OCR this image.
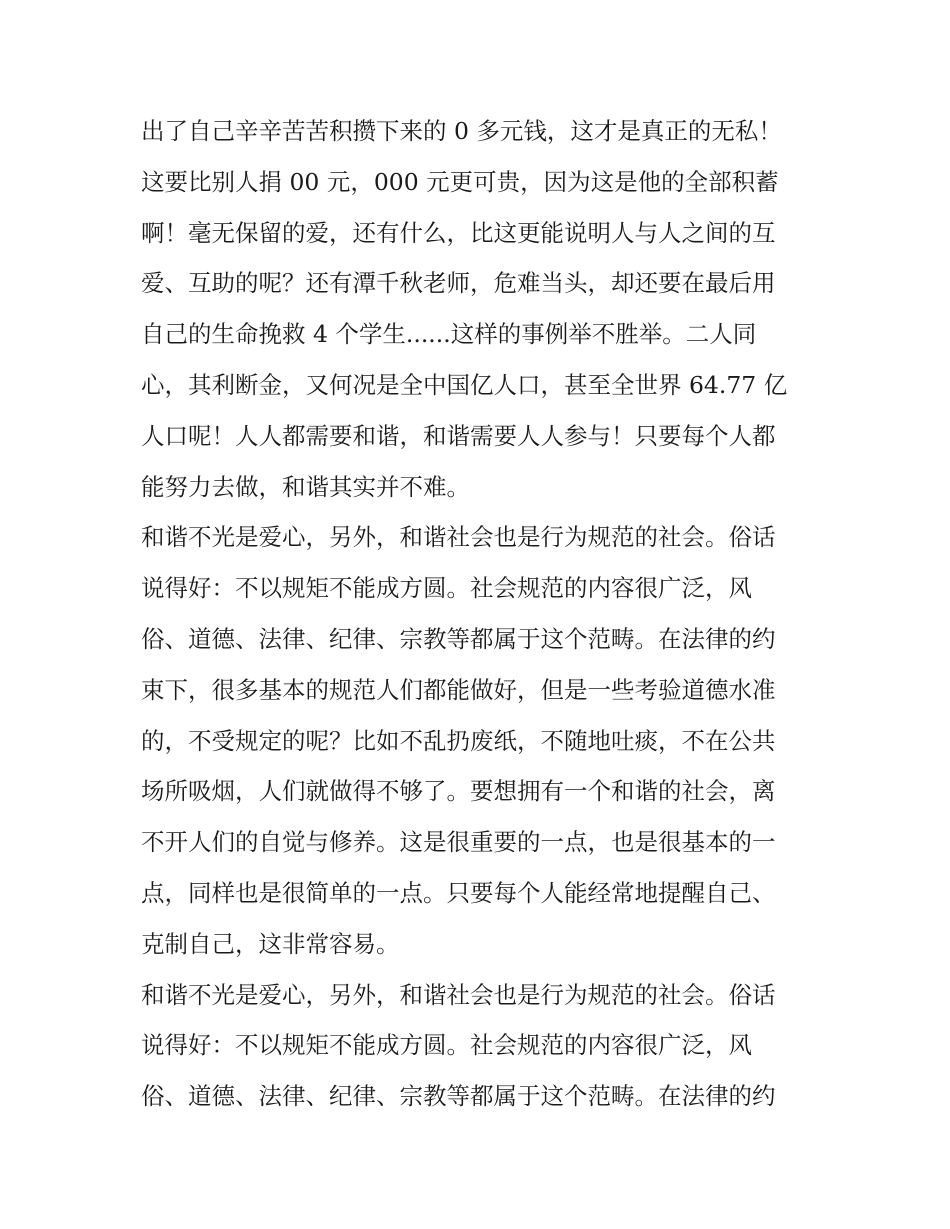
出了自己辛辛苦苦积攒下来的 0 多元钱，这才是真正的无私！
这要比别人捐 00 元，000 元更可贵，因为这是他的全部积蓄
啊！毫无保留的爱，还有什么，比这更能说明人与人之间的互
爱、互助的呢？还有潭千秋老师，危难当头，却还要在最后用
自己的生命挽救 4 个学生......这样的事例举不胜举。二人同
心，其利断金，又何况是全中国亿人口，甚至全世界 64.77 亿
人口呢！人人都需要和谐，和谐需要人人参与！只要每个人都
能努力去做，和谐其实并不难。
和谐不光是爱心，另外，和谐社会也是行为规范的社会。俗话
说得好：不以规矩不能成方圆。社会规范的内容很广泛，风
俗、道德、法律、纪律、宗教等都属于这个范畴。在法律的约
束下，很多基本的规范人们都能做好，但是一些考验道德水准
的，不受规定的呢？比如不乱扔废纸，不随地吐痰，不在公共
场所吸烟，人们就做得不够了。要想拥有一个和谐的社会，离
不开人们的自觉与修养。这是很重要的一点，也是很基本的一
点，同样也是很简单的一点。只要每个人能经常地提醒自己、
克制自己，这非常容易。
和谐不光是爱心，另外，和谐社会也是行为规范的社会。俗话
说得好：不以规矩不能成方圆。社会规范的内容很广泛，风
俗、道德、法律、纪律、宗教等都属于这个范畴。在法律的约
